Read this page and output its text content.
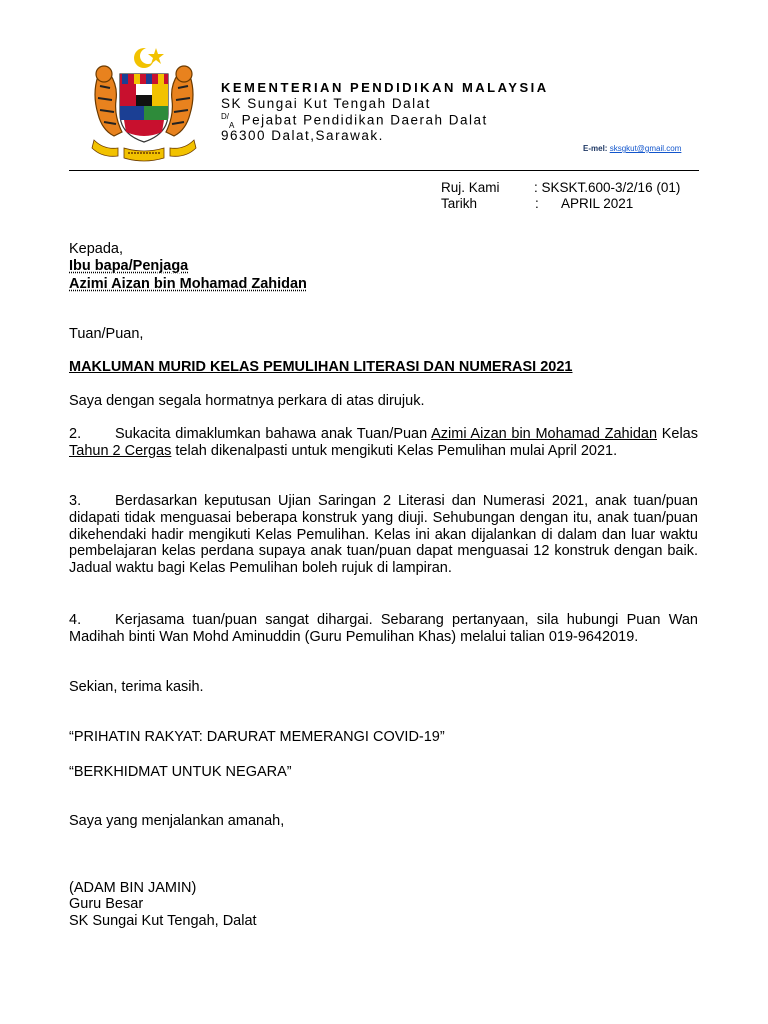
KEMENTERIAN PENDIDIKAN MALAYSIA
SK Sungai Kut Tengah Dalat
$^{D/}_A$ Pejabat Pendidikan Daerah Dalat
96300 Dalat,Sarawak.
E-mel: sksgkut@gmail.com
Ruj. Kami	: SKSKT.600-3/2/16 (01)
Tarikh	: APRIL 2021
Kepada,
Ibu bapa/Penjaga
Azimi Aizan bin Mohamad Zahidan
Tuan/Puan,
MAKLUMAN MURID KELAS PEMULIHAN LITERASI DAN NUMERASI 2021
Saya dengan segala hormatnya perkara di atas dirujuk.
2. Sukacita dimaklumkan bahawa anak Tuan/Puan Azimi Aizan bin Mohamad Zahidan Kelas Tahun 2 Cergas telah dikenalpasti untuk mengikuti Kelas Pemulihan mulai April 2021.
3. Berdasarkan keputusan Ujian Saringan 2 Literasi dan Numerasi 2021, anak tuan/puan didapati tidak menguasai beberapa konstruk yang diuji. Sehubungan dengan itu, anak tuan/puan dikehendaki hadir mengikuti Kelas Pemulihan. Kelas ini akan dijalankan di dalam dan luar waktu pembelajaran kelas perdana supaya anak tuan/puan dapat menguasai 12 konstruk dengan baik. Jadual waktu bagi Kelas Pemulihan boleh rujuk di lampiran.
4. Kerjasama tuan/puan sangat dihargai. Sebarang pertanyaan, sila hubungi Puan Wan Madihah binti Wan Mohd Aminuddin (Guru Pemulihan Khas) melalui talian 019-9642019.
Sekian, terima kasih.
“PRIHATIN RAKYAT: DARURAT MEMERANGI COVID-19”
“BERKHIDMAT UNTUK NEGARA”
Saya yang menjalankan amanah,
(ADAM BIN JAMIN)
Guru Besar
SK Sungai Kut Tengah, Dalat
